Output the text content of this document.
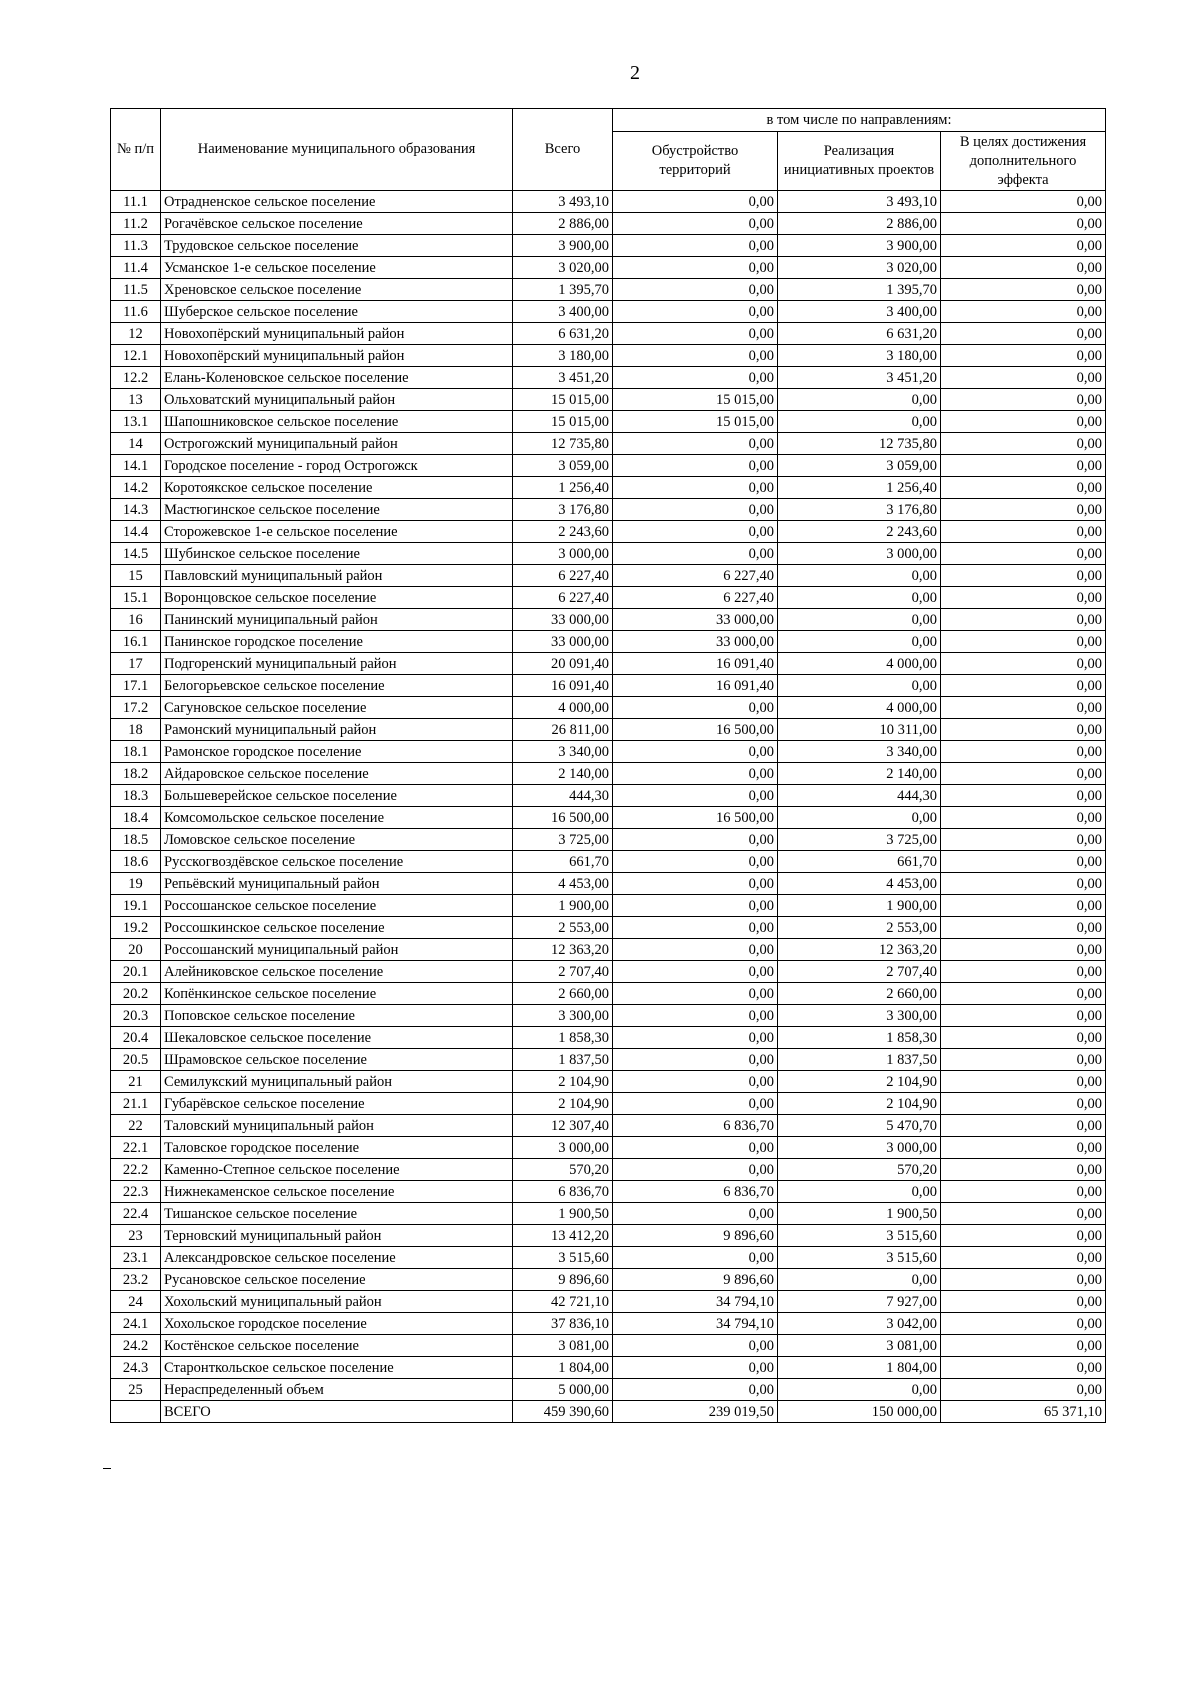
2
№ п/п	Наименование муниципального образования	Всего	в том числе по направлениям:		
			Обустройство территорий	Реализация инициативных проектов	В целях достижения дополнительного эффекта
11.1	Отрадненское сельское поселение	3 493,10	0,00	3 493,10	0,00
11.2	Рогачёвское сельское поселение	2 886,00	0,00	2 886,00	0,00
11.3	Трудовское сельское поселение	3 900,00	0,00	3 900,00	0,00
11.4	Усманское 1-е сельское поселение	3 020,00	0,00	3 020,00	0,00
11.5	Хреновское сельское поселение	1 395,70	0,00	1 395,70	0,00
11.6	Шуберское сельское поселение	3 400,00	0,00	3 400,00	0,00
12	Новохопёрский муниципальный район	6 631,20	0,00	6 631,20	0,00
12.1	Новохопёрский муниципальный район	3 180,00	0,00	3 180,00	0,00
12.2	Елань-Коленовское сельское поселение	3 451,20	0,00	3 451,20	0,00
13	Ольховатский муниципальный район	15 015,00	15 015,00	0,00	0,00
13.1	Шапошниковское сельское поселение	15 015,00	15 015,00	0,00	0,00
14	Острогожский муниципальный район	12 735,80	0,00	12 735,80	0,00
14.1	Городское поселение - город Острогожск	3 059,00	0,00	3 059,00	0,00
14.2	Коротоякское сельское поселение	1 256,40	0,00	1 256,40	0,00
14.3	Мастюгинское сельское поселение	3 176,80	0,00	3 176,80	0,00
14.4	Сторожевское 1-е сельское поселение	2 243,60	0,00	2 243,60	0,00
14.5	Шубинское сельское поселение	3 000,00	0,00	3 000,00	0,00
15	Павловский муниципальный район	6 227,40	6 227,40	0,00	0,00
15.1	Воронцовское сельское поселение	6 227,40	6 227,40	0,00	0,00
16	Панинский муниципальный район	33 000,00	33 000,00	0,00	0,00
16.1	Панинское городское поселение	33 000,00	33 000,00	0,00	0,00
17	Подгоренский муниципальный район	20 091,40	16 091,40	4 000,00	0,00
17.1	Белогорьевское сельское поселение	16 091,40	16 091,40	0,00	0,00
17.2	Сагуновское сельское поселение	4 000,00	0,00	4 000,00	0,00
18	Рамонский муниципальный район	26 811,00	16 500,00	10 311,00	0,00
18.1	Рамонское городское поселение	3 340,00	0,00	3 340,00	0,00
18.2	Айдаровское сельское поселение	2 140,00	0,00	2 140,00	0,00
18.3	Большеверейское сельское поселение	444,30	0,00	444,30	0,00
18.4	Комсомольское сельское поселение	16 500,00	16 500,00	0,00	0,00
18.5	Ломовское сельское поселение	3 725,00	0,00	3 725,00	0,00
18.6	Русскогвоздёвское сельское поселение	661,70	0,00	661,70	0,00
19	Репьёвский муниципальный район	4 453,00	0,00	4 453,00	0,00
19.1	Россошанское сельское поселение	1 900,00	0,00	1 900,00	0,00
19.2	Россошкинское сельское поселение	2 553,00	0,00	2 553,00	0,00
20	Россошанский муниципальный район	12 363,20	0,00	12 363,20	0,00
20.1	Алейниковское сельское поселение	2 707,40	0,00	2 707,40	0,00
20.2	Копёнкинское сельское поселение	2 660,00	0,00	2 660,00	0,00
20.3	Поповское сельское поселение	3 300,00	0,00	3 300,00	0,00
20.4	Шекаловское сельское поселение	1 858,30	0,00	1 858,30	0,00
20.5	Шрамовское сельское поселение	1 837,50	0,00	1 837,50	0,00
21	Семилукский муниципальный район	2 104,90	0,00	2 104,90	0,00
21.1	Губарёвское сельское поселение	2 104,90	0,00	2 104,90	0,00
22	Таловский муниципальный район	12 307,40	6 836,70	5 470,70	0,00
22.1	Таловское городское поселение	3 000,00	0,00	3 000,00	0,00
22.2	Каменно-Степное сельское поселение	570,20	0,00	570,20	0,00
22.3	Нижнекаменское сельское поселение	6 836,70	6 836,70	0,00	0,00
22.4	Тишанское сельское поселение	1 900,50	0,00	1 900,50	0,00
23	Терновский муниципальный район	13 412,20	9 896,60	3 515,60	0,00
23.1	Александровское сельское поселение	3 515,60	0,00	3 515,60	0,00
23.2	Русановское сельское поселение	9 896,60	9 896,60	0,00	0,00
24	Хохольский муниципальный район	42 721,10	34 794,10	7 927,00	0,00
24.1	Хохольское городское поселение	37 836,10	34 794,10	3 042,00	0,00
24.2	Костёнское сельское поселение	3 081,00	0,00	3 081,00	0,00
24.3	Старонткольское сельское поселение	1 804,00	0,00	1 804,00	0,00
25	Нераспределенный объем	5 000,00	0,00	0,00	0,00
	ВСЕГО	459 390,60	239 019,50	150 000,00	65 371,10
